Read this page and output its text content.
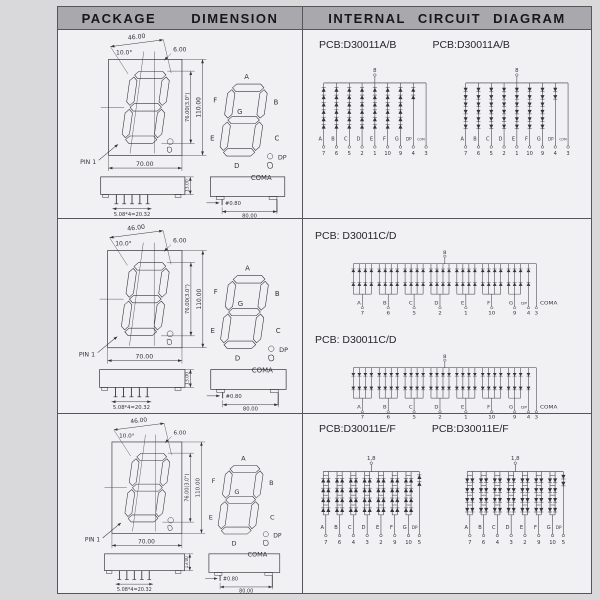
PACKAGE DIMENSION	INTERNAL CIRCUIT DIAGRAM
46.00
10.0°	6.00
76.00(3.0") 110.00
70.00
PIN 1
5.08*4=20.32
13.00
A
F	B
G
E	C
D
DP
COMA
#0.80
80.00
PCB:D30011A/B	PCB:D30011A/B
8
7 6 5 2 1 10 9 4 3
A B C D E F G DP COM
8
7 6 5 2 1 10 9 4 3
A B C D E F G DP COM
46.00
10.0°	6.00
76.00(3.0") 110.00
70.00
PIN 1
5.08*4=20.32
13.00
A
F	B
G
E	C
D
DP
COMA
#0.80
80.00
PCB: D30011C/D
8
A
7
B
6
C
5
D
2
E
1
F
10
G
9
DP
4
COMA
3
PCB: D30011C/D
8
A
7
B
6
C
5
D
2
E
1
F
10
G
9
DP
4
COMA
3
46.00
10.0°	6.00
76.00(3.0") 110.00
70.00
PIN 1
5.08*4=20.32
13.00
A
F	B
G
E	C
D
DP
COMA
#0.80
80.00
PCB:D30011E/F	PCB:D30011E/F
1,8
A
7
B
6
C
4
D
3
E
2
F
9
G
10
DP
5
1,8
A
7
B
6
C
4
D
3
E
2
F
9
G
10
DP
5
